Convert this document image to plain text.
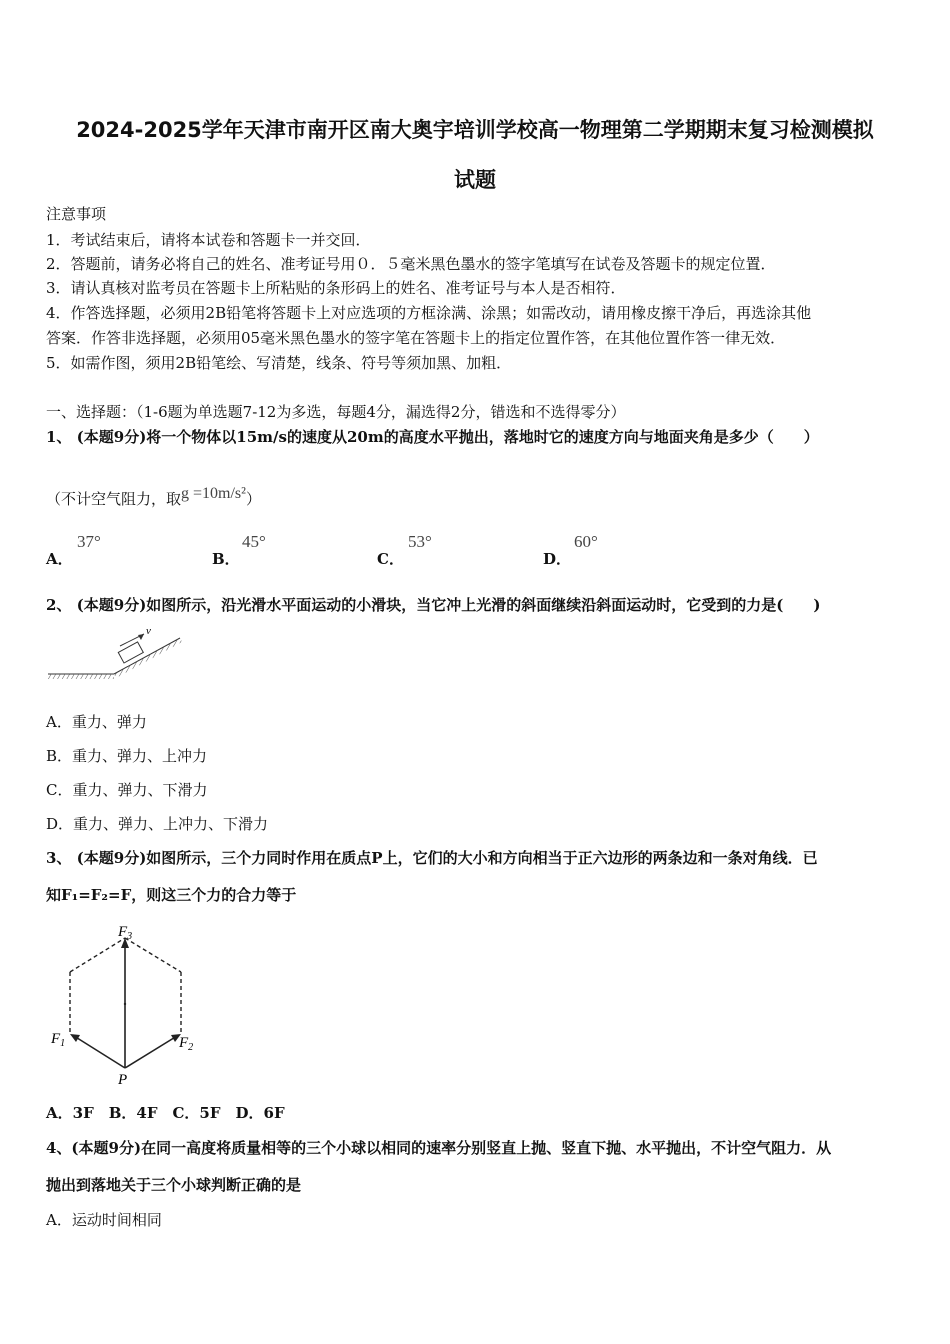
2024-2025学年天津市南开区南大奥宇培训学校高一物理第二学期期末复习检测模拟
试题
注意事项
1．考试结束后，请将本试卷和答题卡一并交回．
2．答题前，请务必将自己的姓名、准考证号用０．５毫米黑色墨水的签字笔填写在试卷及答题卡的规定位置．
3．请认真核对监考员在答题卡上所粘贴的条形码上的姓名、准考证号与本人是否相符．
4．作答选择题，必须用2B铅笔将答题卡上对应选项的方框涂满、涂黑；如需改动，请用橡皮擦干净后，再选涂其他
答案．作答非选择题，必须用05毫米黑色墨水的签字笔在答题卡上的指定位置作答，在其他位置作答一律无效．
5．如需作图，须用2B铅笔绘、写清楚，线条、符号等须加黑、加粗．
一、选择题：（1-6题为单选题7-12为多选，每题4分，漏选得2分，错选和不选得零分）
1、 (本题9分)将一个物体以15m/s的速度从20m的高度水平抛出，落地时它的速度方向与地面夹角是多少（　　）
（不计空气阻力，取g =10m/s²）
A．
37°
B．
45°
C．
53°
D．
60°
2、 (本题9分)如图所示，沿光滑水平面运动的小滑块，当它冲上光滑的斜面继续沿斜面运动时，它受到的力是(　　)
v
A．重力、弹力
B．重力、弹力、上冲力
C．重力、弹力、下滑力
D．重力、弹力、上冲力、下滑力
3、 (本题9分)如图所示，三个力同时作用在质点P上，它们的大小和方向相当于正六边形的两条边和一条对角线．已
知F₁=F₂=F，则这三个力的合力等于
$F_3$
$F_1$	$F_2$
P
A．3F　B．4F　C．5F　D．6F
4、(本题9分)在同一高度将质量相等的三个小球以相同的速率分别竖直上抛、竖直下抛、水平抛出，不计空气阻力．从
抛出到落地关于三个小球判断正确的是
A．运动时间相同
